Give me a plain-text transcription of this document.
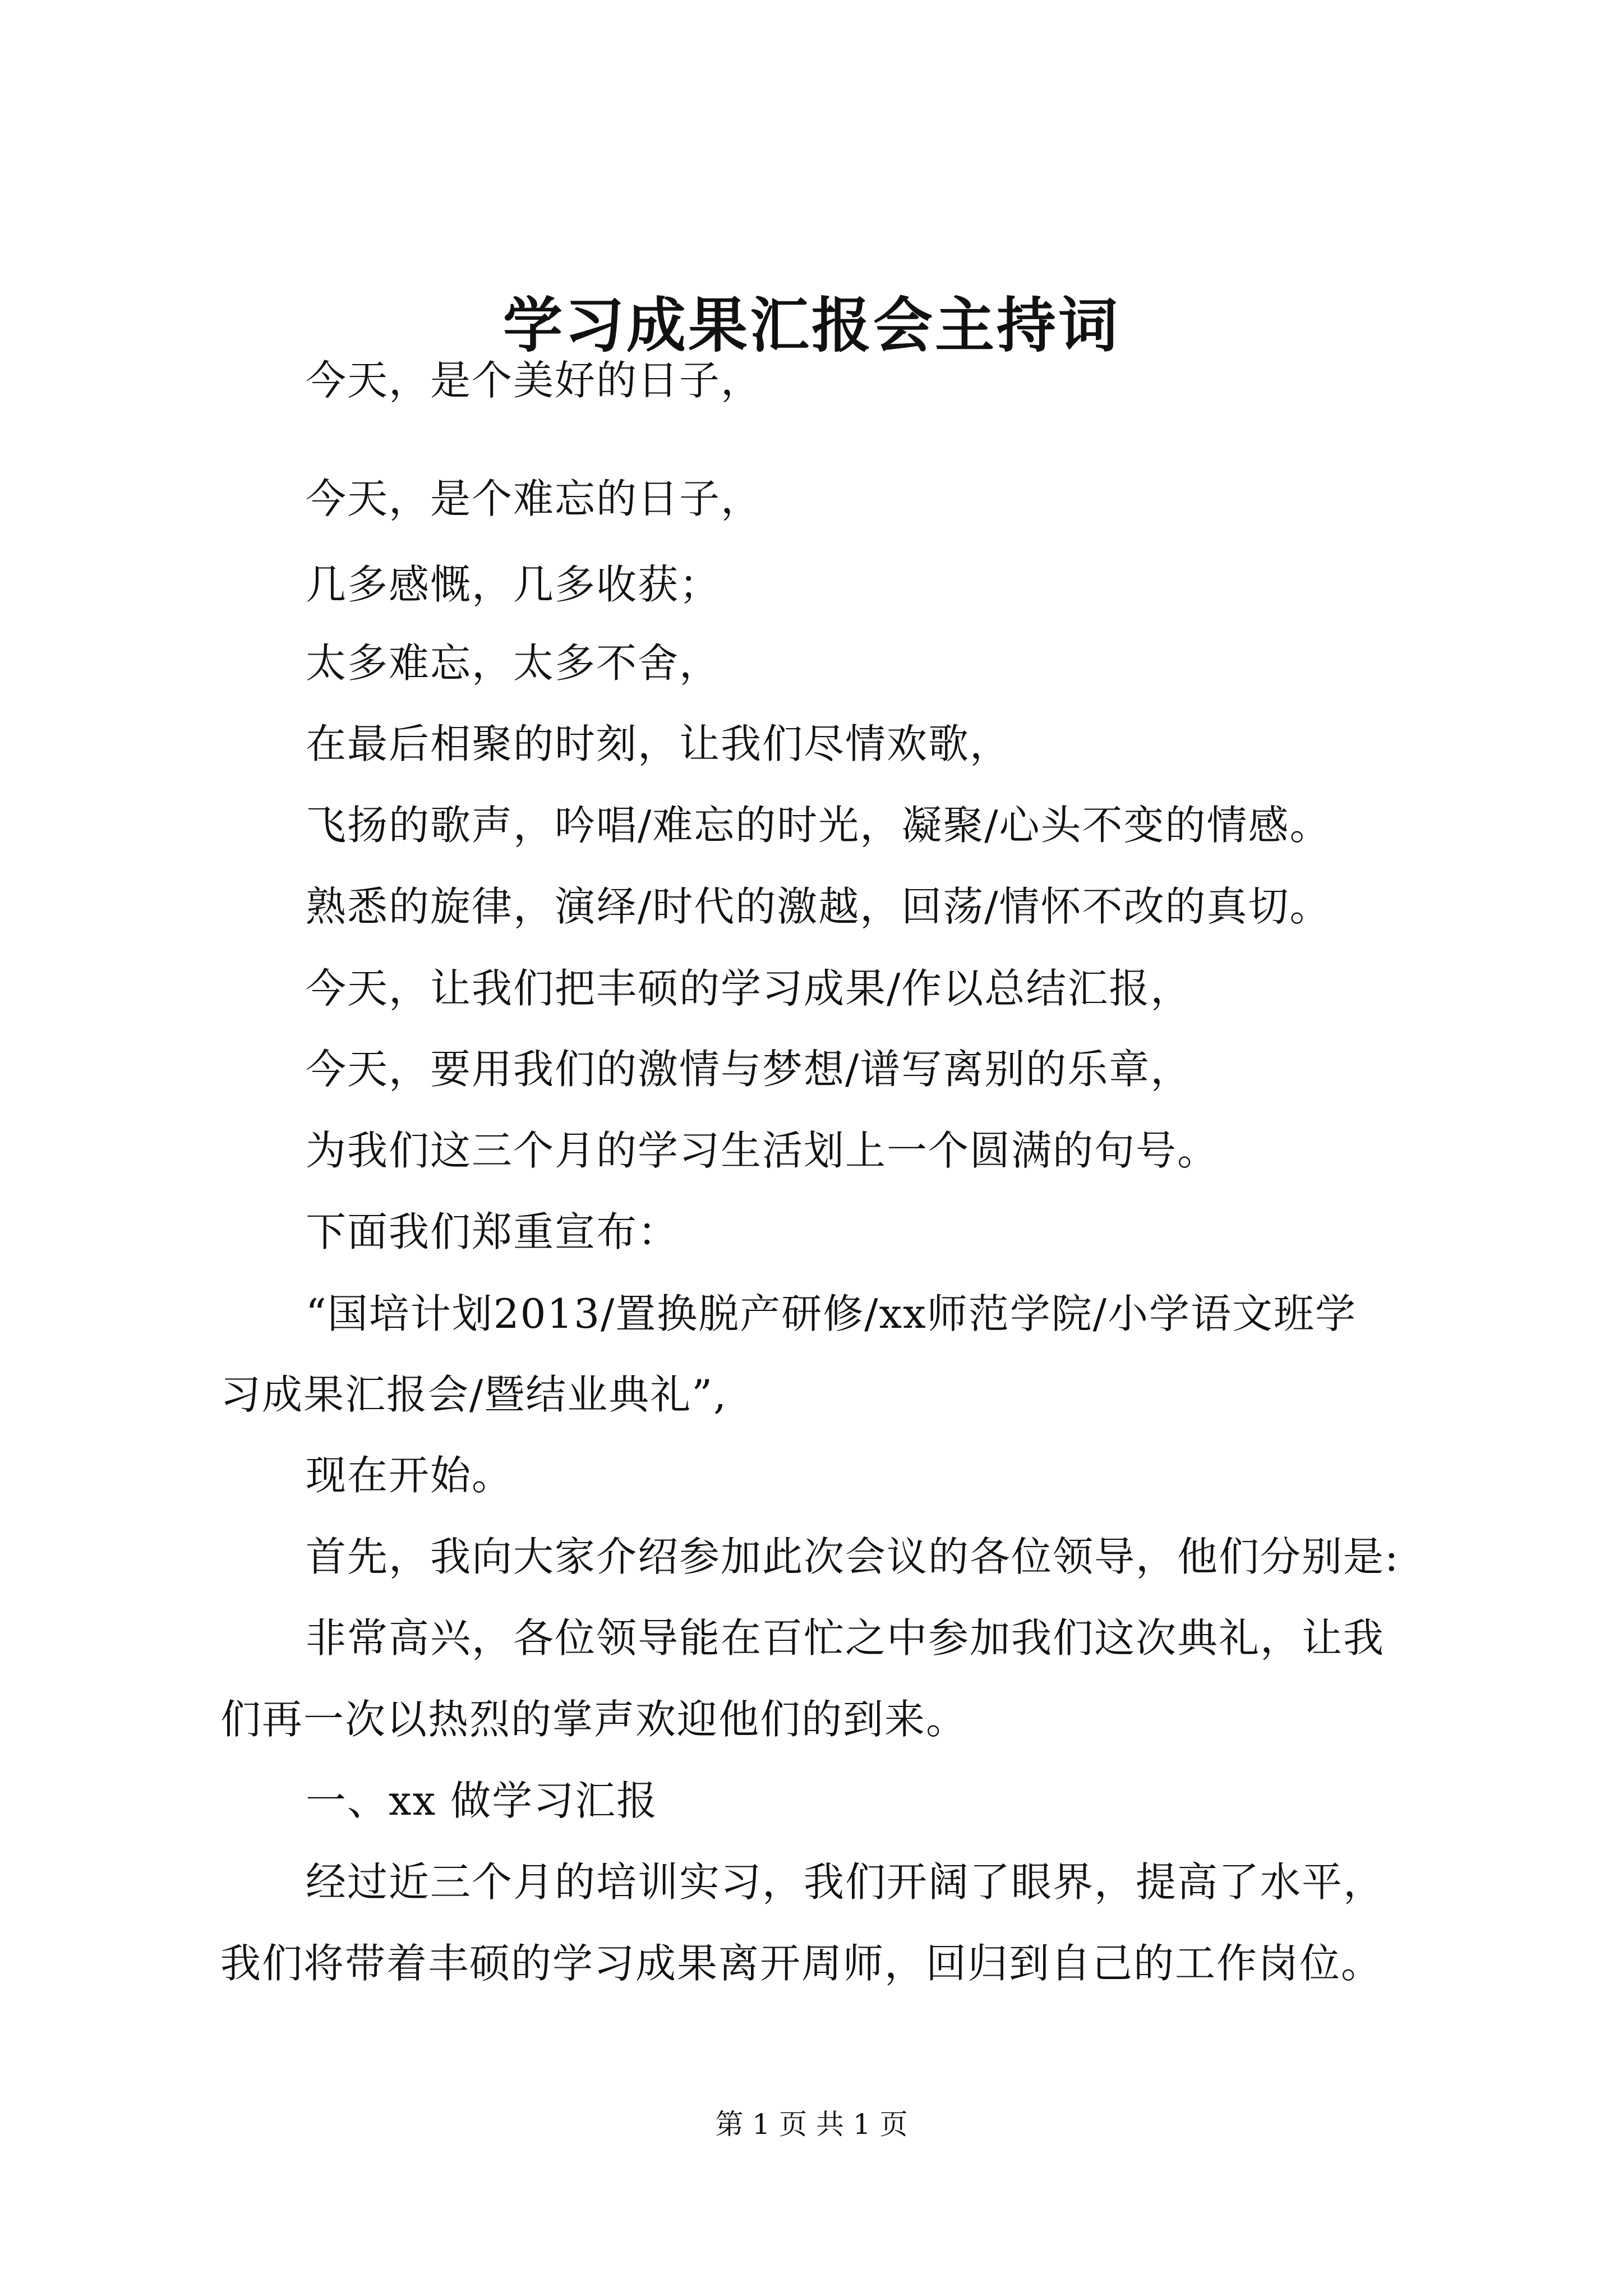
学习成果汇报会主持词
今天，是个美好的日子，
今天，是个难忘的日子，
几多感慨，几多收获；
太多难忘，太多不舍，
在最后相聚的时刻，让我们尽情欢歌，
飞扬的歌声，吟唱/难忘的时光，凝聚/心头不变的情感。
熟悉的旋律，演绎/时代的激越，回荡/情怀不改的真切。
今天，让我们把丰硕的学习成果/作以总结汇报，
今天，要用我们的激情与梦想/谱写离别的乐章，
为我们这三个月的学习生活划上一个圆满的句号。
下面我们郑重宣布：
“国培计划2013/置换脱产研修/xx师范学院/小学语文班学
习成果汇报会/暨结业典礼”,
现在开始。
首先，我向大家介绍参加此次会议的各位领导，他们分别是:
非常高兴，各位领导能在百忙之中参加我们这次典礼，让我
们再一次以热烈的掌声欢迎他们的到来。
一、xx 做学习汇报
经过近三个月的培训实习，我们开阔了眼界，提高了水平，
我们将带着丰硕的学习成果离开周师，回归到自己的工作岗位。
第 1 页 共 1 页
